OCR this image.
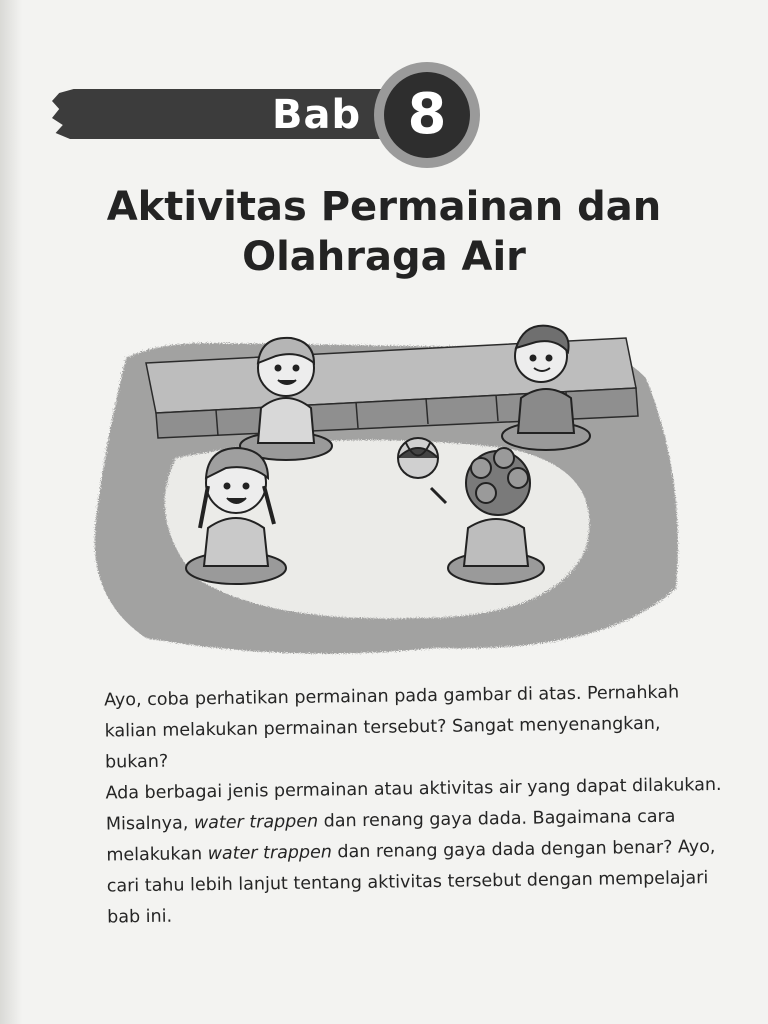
Bab 8
Aktivitas Permainan dan
Olahraga Air

Ayo, coba perhatikan permainan pada gambar di atas. Pernahkah kalian melakukan permainan tersebut? Sangat menyenangkan, bukan?

Ada berbagai jenis permainan atau aktivitas air yang dapat dilakukan. Misalnya, water trappen dan renang gaya dada. Bagaimana cara melakukan water trappen dan renang gaya dada dengan benar? Ayo, cari tahu lebih lanjut tentang aktivitas tersebut dengan mempelajari bab ini.
